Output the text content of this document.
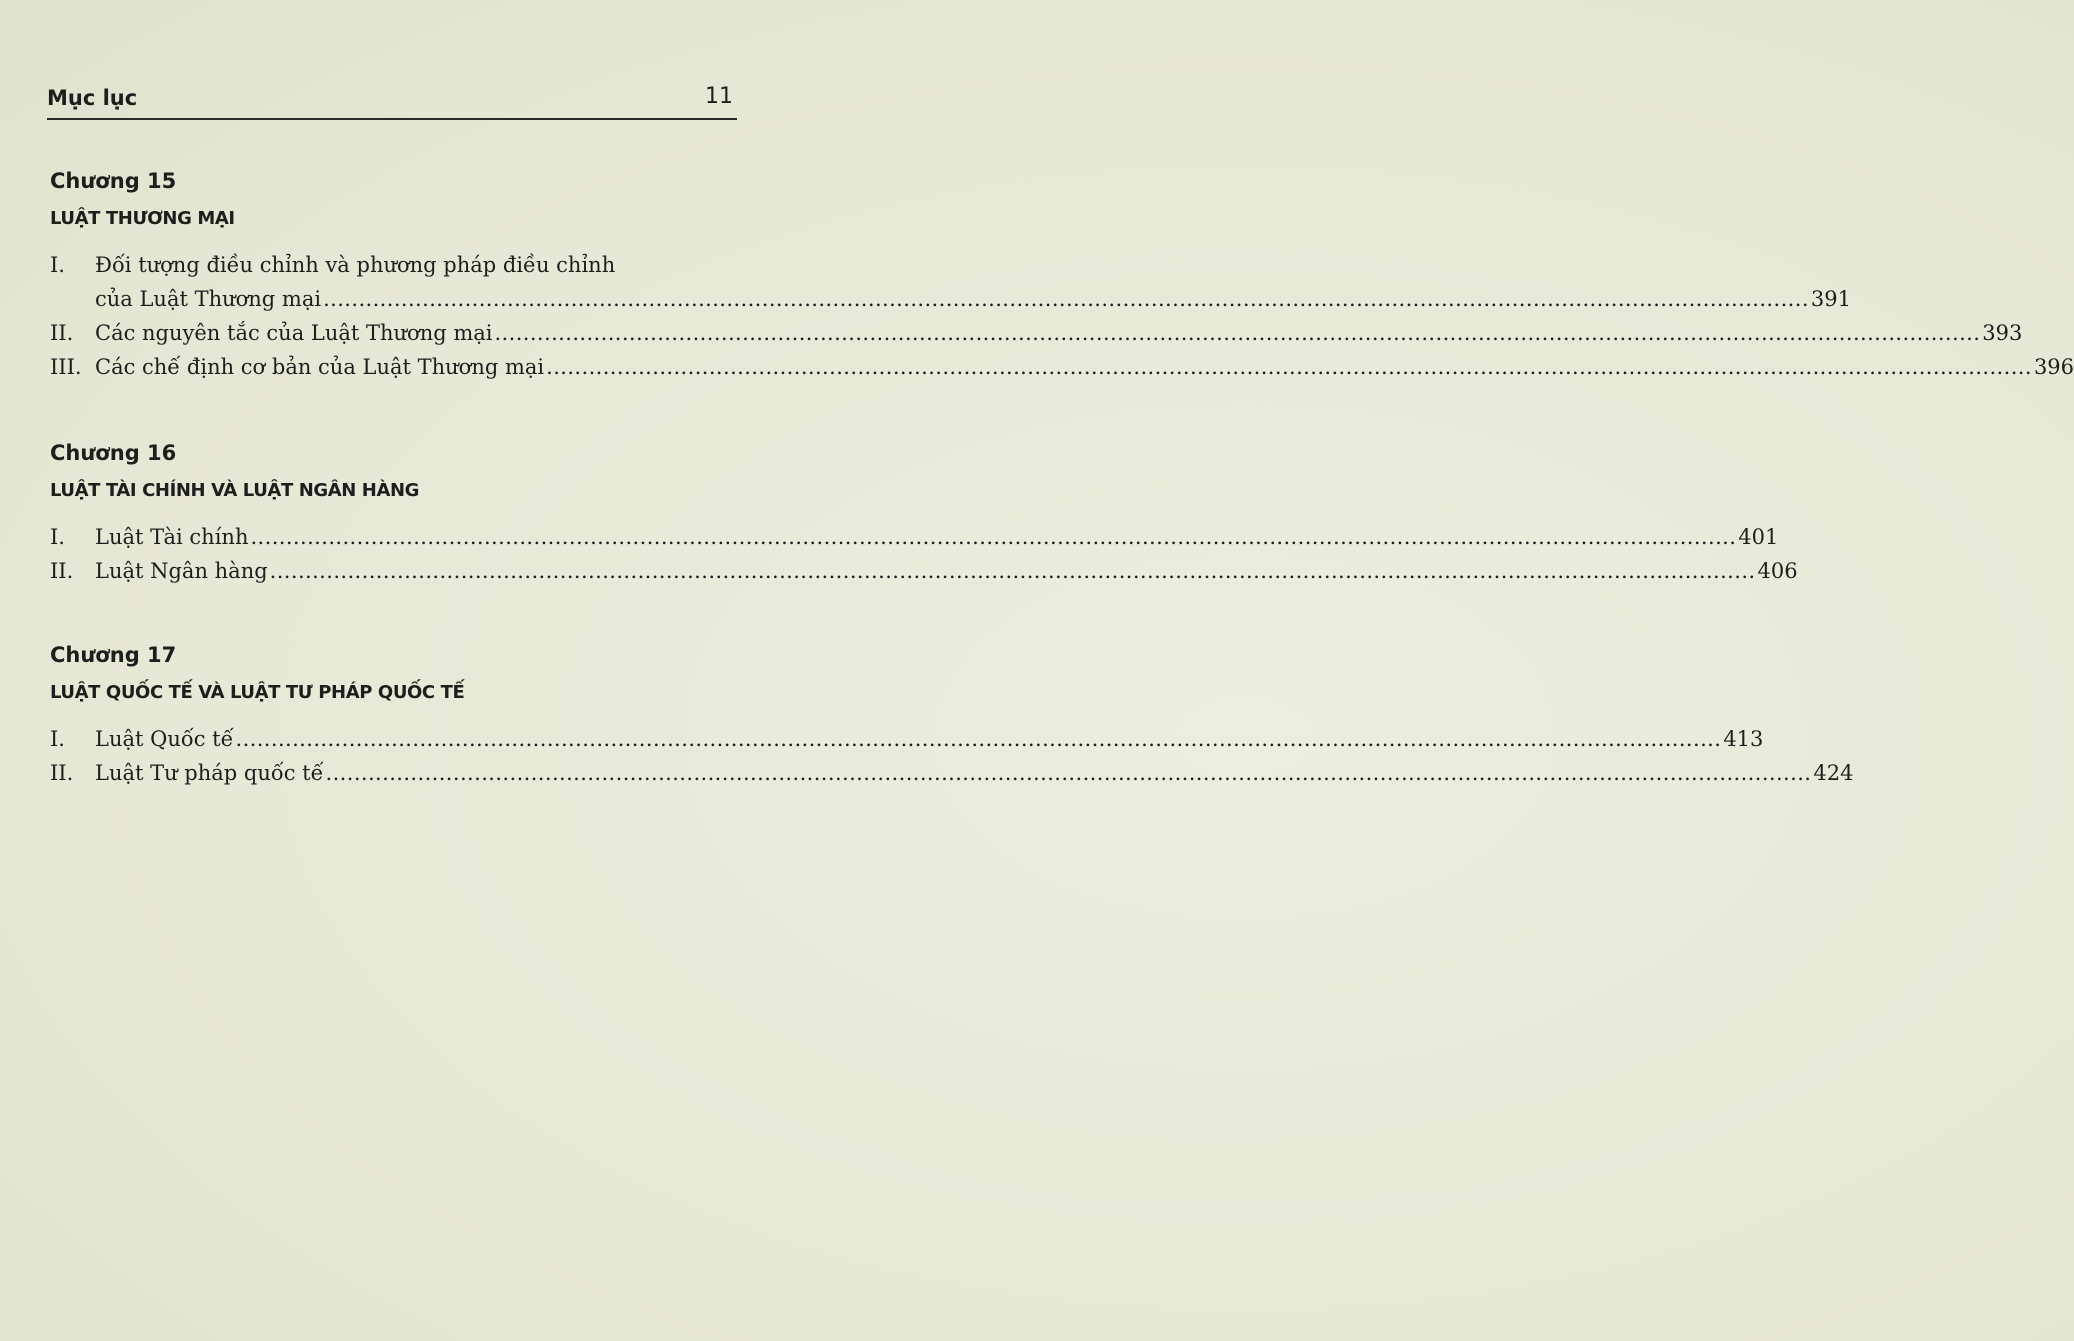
Mục lục	11
Chương 15
LUẬT THƯƠNG MẠI
I.	Đối tượng điều chỉnh và phương pháp điều chỉnh
của Luật Thương mại .....	391
II.	Các nguyên tắc của Luật Thương mại .....	393
III. Các chế định cơ bản của Luật Thương mại .....	396
Chương 16
LUẬT TÀI CHÍNH VÀ LUẬT NGÂN HÀNG
I.	Luật Tài chính .....	401
II.	Luật Ngân hàng .....	406
Chương 17
LUẬT QUỐC TẾ VÀ LUẬT TƯ PHÁP QUỐC TẾ
I.	Luật Quốc tế .....	413
II.	Luật Tư pháp quốc tế .....	424
